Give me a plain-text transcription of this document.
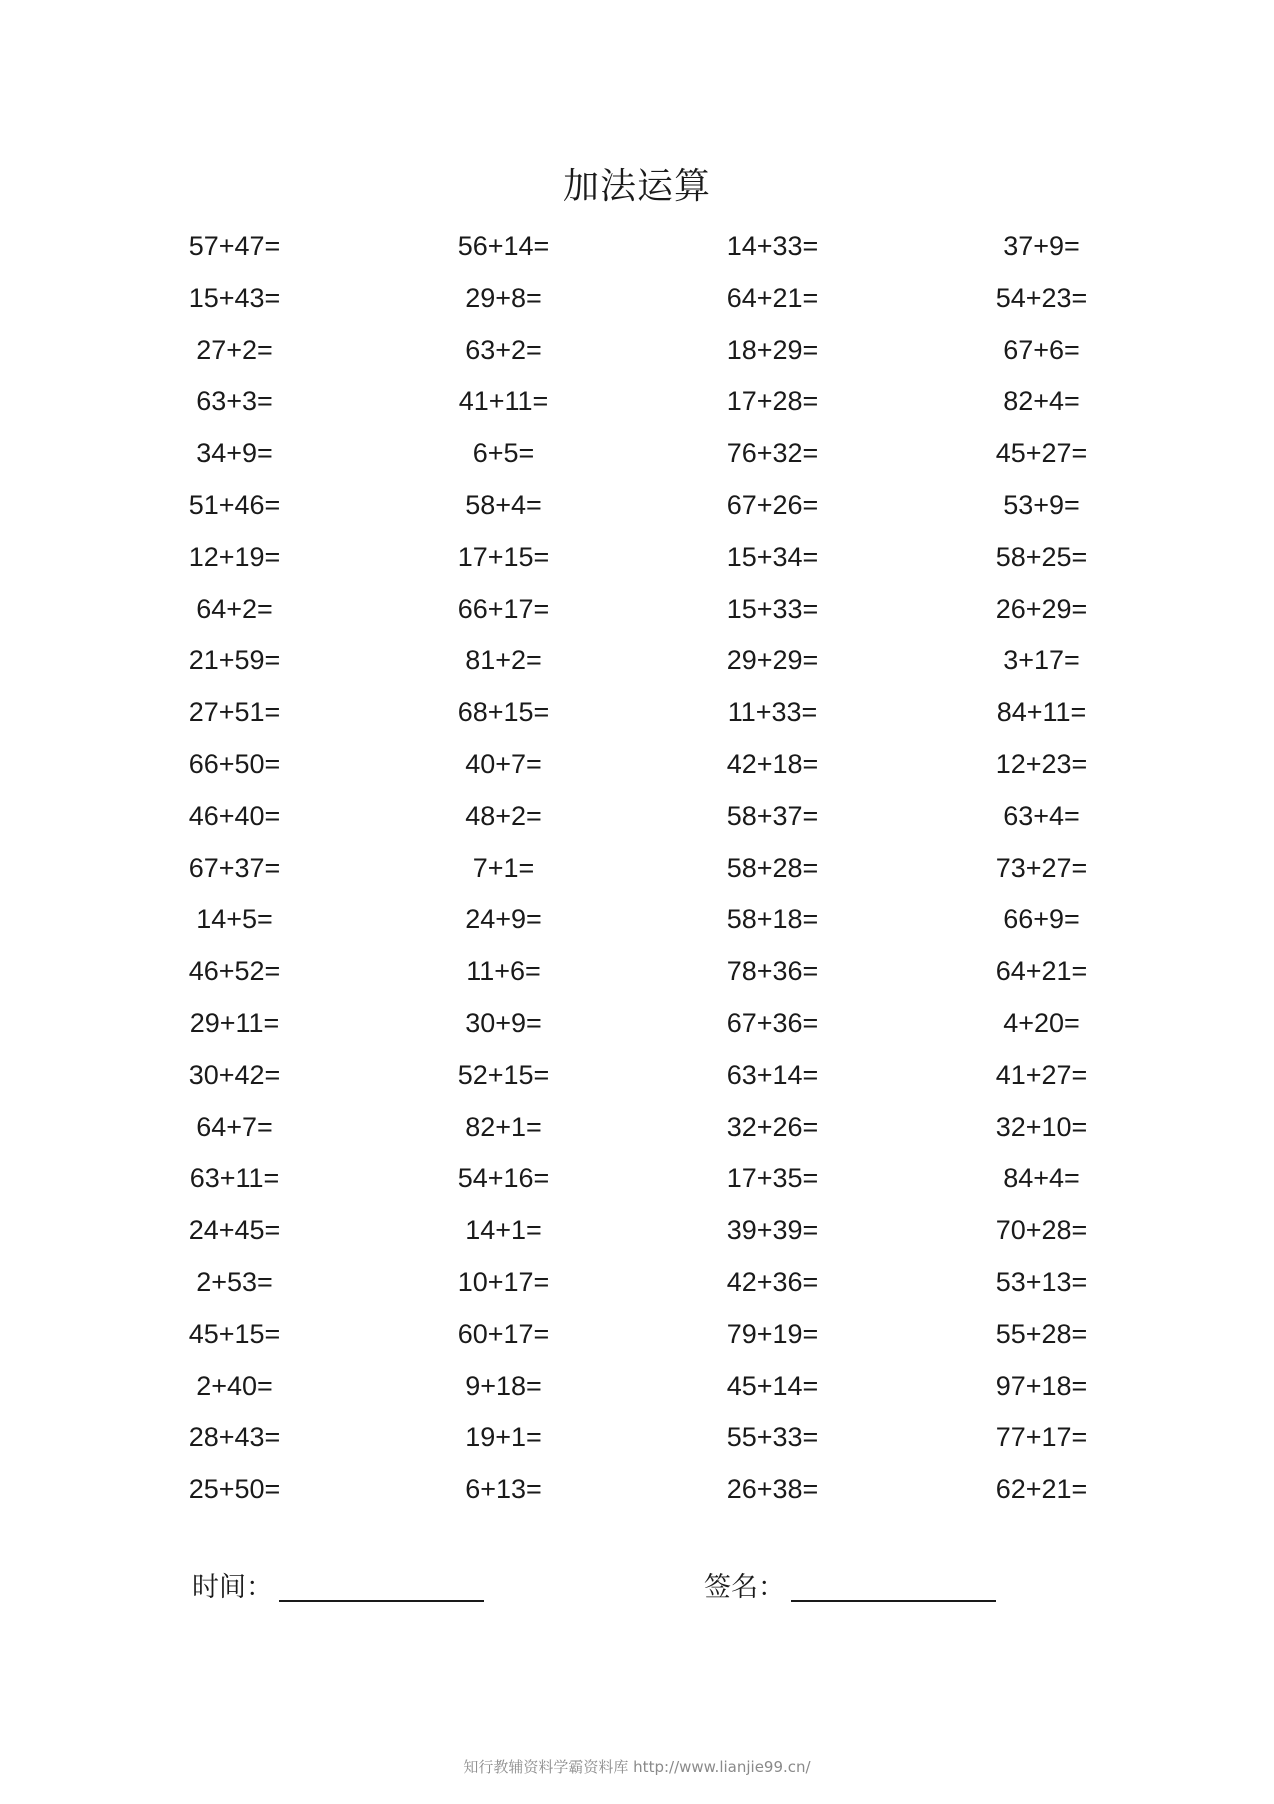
加法运算
57+47=	56+14=	14+33=	37+9=
15+43=	29+8=	64+21=	54+23=
27+2=	63+2=	18+29=	67+6=
63+3=	41+11=	17+28=	82+4=
34+9=	6+5=	76+32=	45+27=
51+46=	58+4=	67+26=	53+9=
12+19=	17+15=	15+34=	58+25=
64+2=	66+17=	15+33=	26+29=
21+59=	81+2=	29+29=	3+17=
27+51=	68+15=	11+33=	84+11=
66+50=	40+7=	42+18=	12+23=
46+40=	48+2=	58+37=	63+4=
67+37=	7+1=	58+28=	73+27=
14+5=	24+9=	58+18=	66+9=
46+52=	11+6=	78+36=	64+21=
29+11=	30+9=	67+36=	4+20=
30+42=	52+15=	63+14=	41+27=
64+7=	82+1=	32+26=	32+10=
63+11=	54+16=	17+35=	84+4=
24+45=	14+1=	39+39=	70+28=
2+53=	10+17=	42+36=	53+13=
45+15=	60+17=	79+19=	55+28=
2+40=	9+18=	45+14=	97+18=
28+43=	19+1=	55+33=	77+17=
25+50=	6+13=	26+38=	62+21=
时间：	签名：
知行教辅资料学霸资料库 http://www.lianjie99.cn/
